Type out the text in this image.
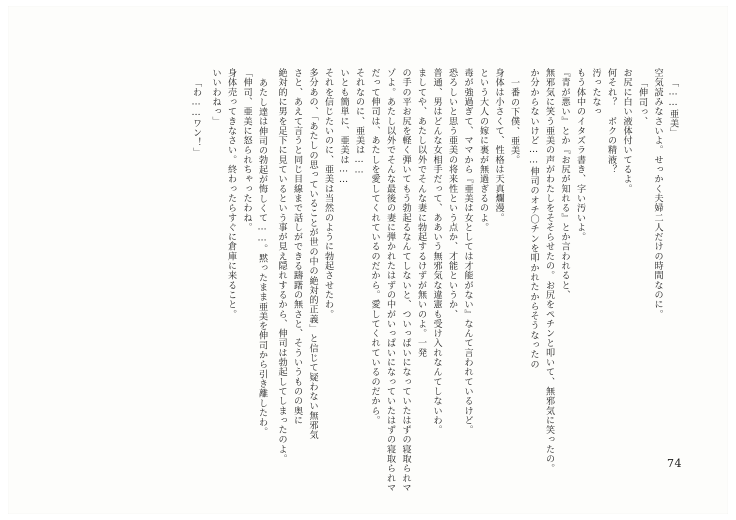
「……亜美」
空気読みなさいよ。せっかく夫婦二人だけの時間なのに。
「伸司っ、
お尻に白い液体付いてるよ。
何それ？　ボクの精液？
汚ったなっ
もう体中のイタズラ書き、字い汚いよ。
『青が悪い』とか『お尻が知れる』とか言われると、
無邪気に笑う亜美の声がわたしをそそらせたの。お尻をペチンと叩いて、無邪気に笑ったの。
か分からないけど……伸司のオチ〇チンを叩かれたからそうなったの
一番の下僕、亜美。
身体は小さくて、性格は天真爛漫。
という大人の嫁に裏が無過ぎるのよ。
毒が強過ぎて、ママから『亜美は女としては才能がない』なんて言われているけど。
恐ろしいと思う亜美の将来性という点か、才能というか、
普通、男はどんな女相手だって、ああいう無邪気な違憲も受け入れなんてしないわ。
ましてや、あたし以外でそんな妻に勃起するけずが無いのよ。一発
の手の平お尻を軽く弾いてもう勃起るなんてしないと、ついっぱいになっていたはずの寝取られマ
ゾよ。あたし以外でそんな最後の妻に弾かれたはずの中がいっぱいになっていたはずの寝取られマ
だって伸司は、あたしを愛してくれているのだから。愛してくれているのだから。
それなのに、亜美は……
いとも簡単に、亜美は……
それを信じたいのに、亜美は当然のように勃起させたわ。
多分あの、「あたしの思っていることが世の中の絶対的正義」と信じて疑わない無邪気
さと、あえて言うと同じ目線まで話しができる躊躇の無さと、そういうものの奥に
絶対的に男を足下に見ているという事が見え隠れするから、伸司は勃起してしまったのよ。
あたし達は伸司の勃起が悔しくて……。黙ったまま亜美を伸司から引き離したわ。
「伸司、亜美に怒られちゃったわね。
身体売ってきなさい。終わったらすぐに倉庫に来ること。
いいわねっ」
「わ……ワン！」
74
